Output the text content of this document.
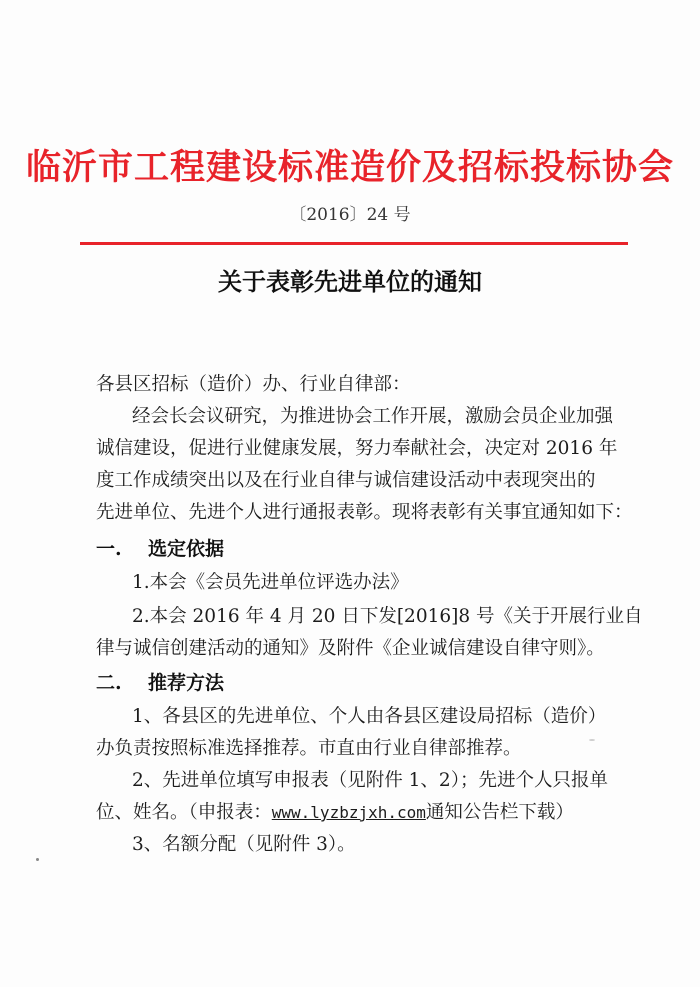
临沂市工程建设标准造价及招标投标协会
〔2016〕24 号
关于表彰先进单位的通知
各县区招标（造价）办、行业自律部：
经会长会议研究，为推进协会工作开展，激励会员企业加强
诚信建设，促进行业健康发展，努力奉献社会，决定对 2016 年
度工作成绩突出以及在行业自律与诚信建设活动中表现突出的
先进单位、先进个人进行通报表彰。现将表彰有关事宜通知如下：
一. 选定依据
1.本会《会员先进单位评选办法》
2.本会 2016 年 4 月 20 日下发[2016]8 号《关于开展行业自
律与诚信创建活动的通知》及附件《企业诚信建设自律守则》。
二. 推荐方法
1、各县区的先进单位、个人由各县区建设局招标（造价）
办负责按照标准选择推荐。市直由行业自律部推荐。
2、先进单位填写申报表（见附件 1、2）；先进个人只报单
位、姓名。（申报表：www.lyzbzjxh.com通知公告栏下载）
3、名额分配（见附件 3）。
